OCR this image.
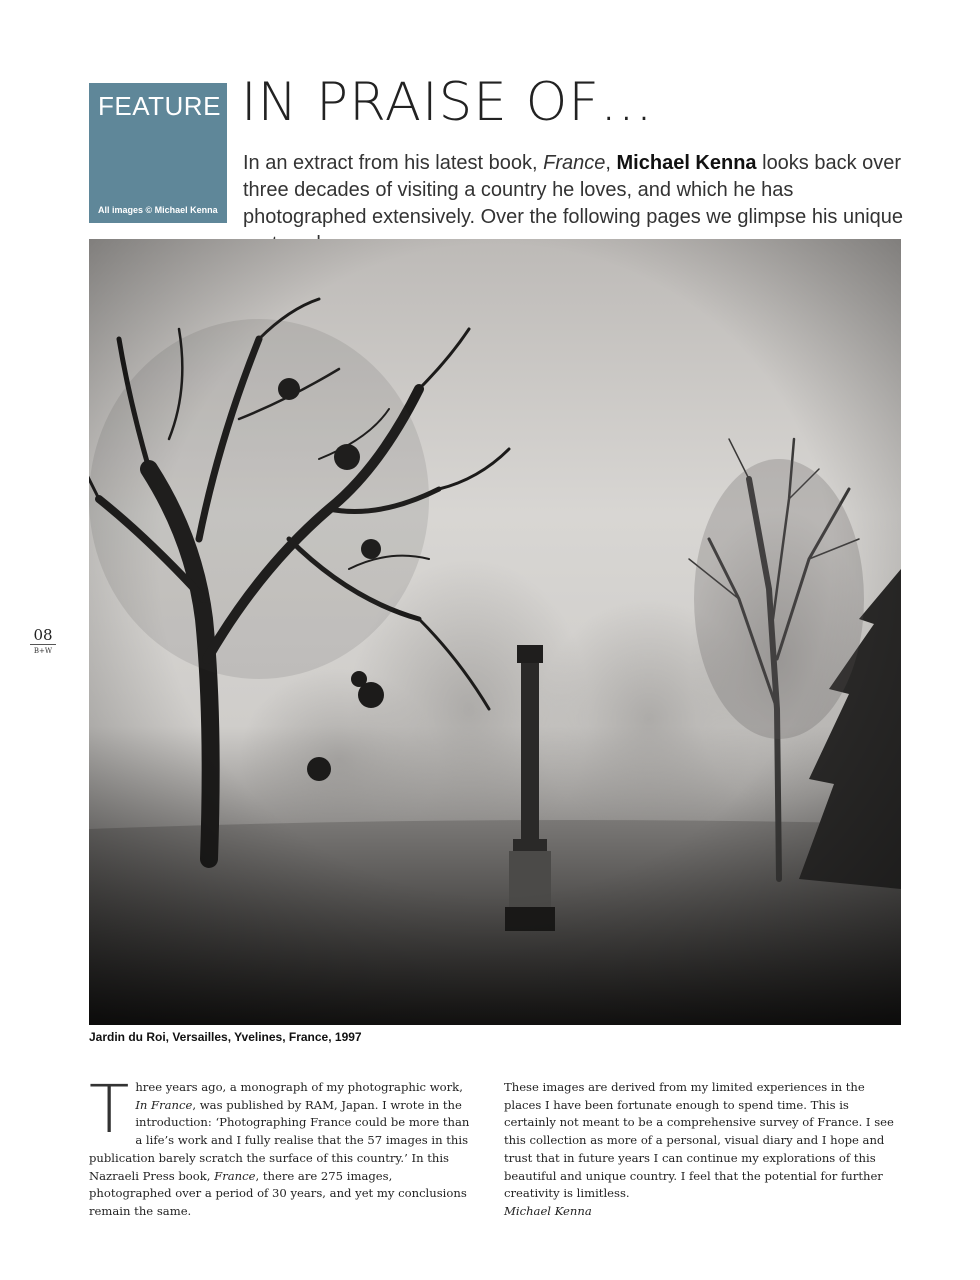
FEATURE
All images © Michael Kenna
IN PRAISE OF…
In an extract from his latest book, France, Michael Kenna looks back over three decades of visiting a country he loves, and which he has photographed extensively. Over the following pages we glimpse his unique
Jardin du Roi, Versailles, Yvelines, France, 1997
08
B+W

Three years ago, a monograph of my photographic work, In France, was published by RAM, Japan. I wrote in the introduction: ‘Photographing France could be more than a life’s work and I fully realise that the 57 images in this publication barely scratch the surface of this country.’ In this Nazraeli Press book, France, there are 275 images, photographed over a period of 30 years, and yet my conclusions remain the same.

These images are derived from my limited experiences in the places I have been fortunate enough to spend time. This is certainly not meant to be a comprehensive survey of France. I see this collection as more of a personal, visual diary and I hope and trust that in future years I can continue my explorations of this beautiful and unique country. I feel that the potential for further creativity is limitless.
Michael Kenna
